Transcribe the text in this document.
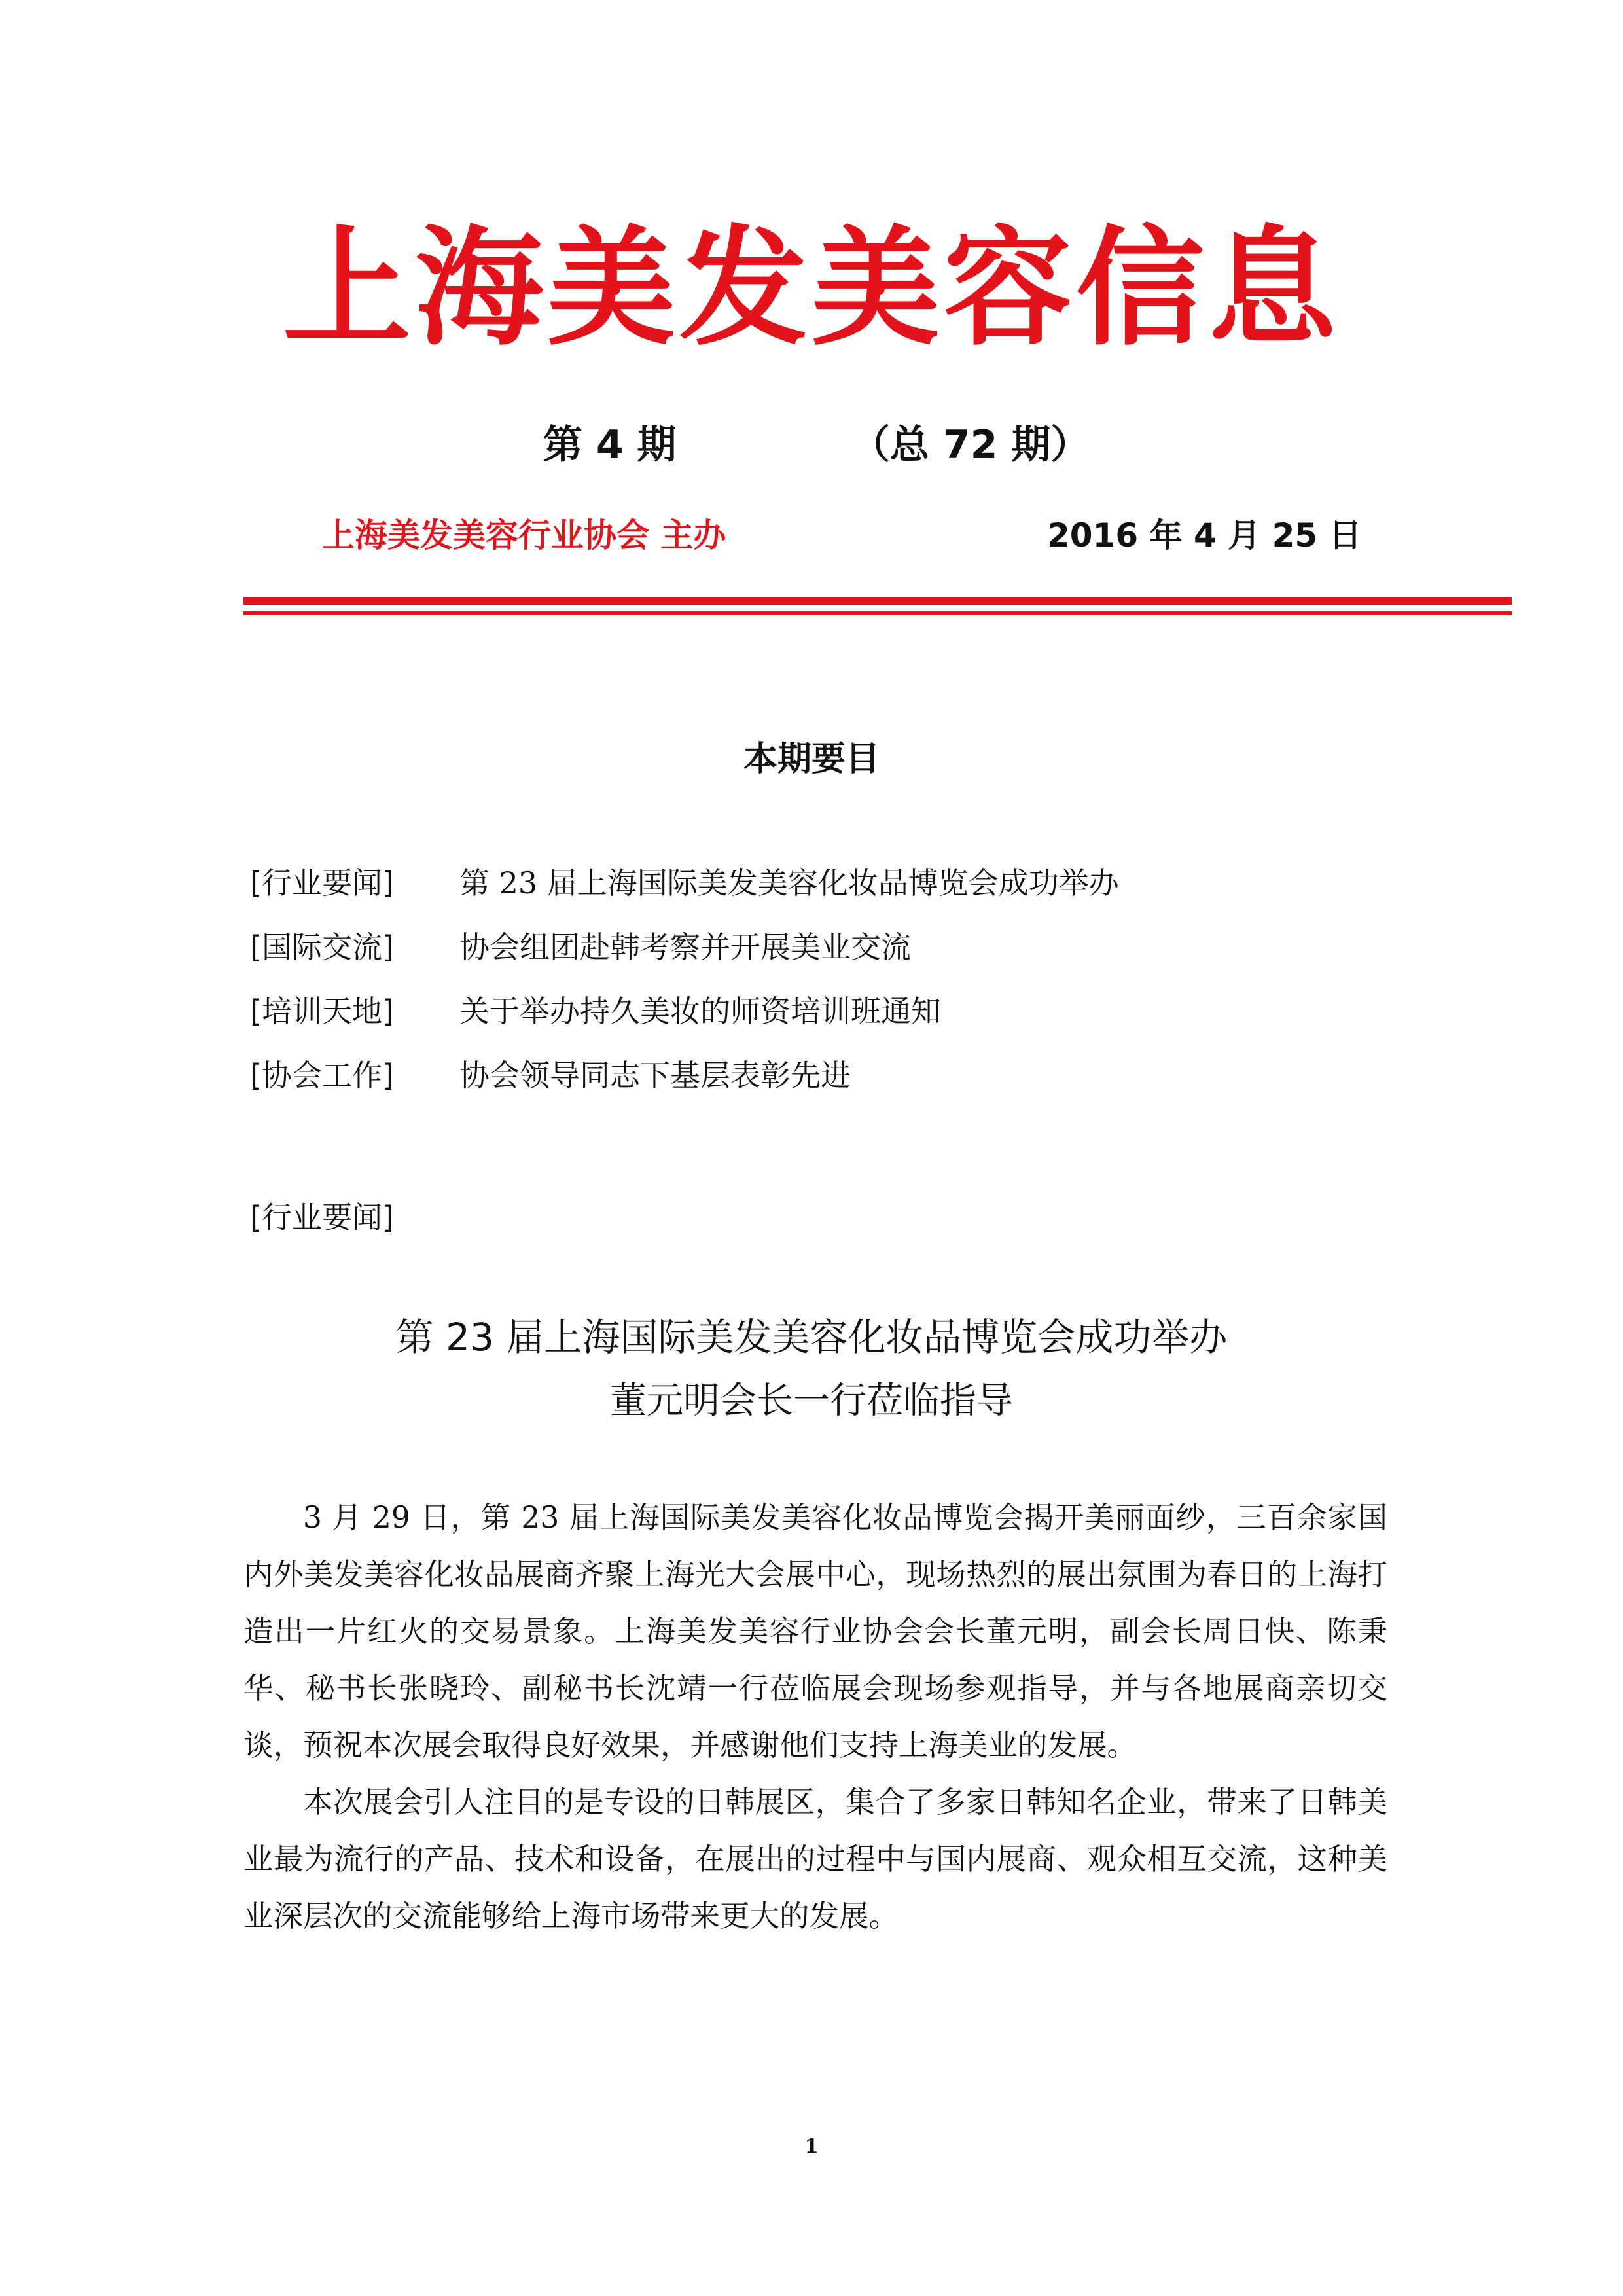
上海美发美容信息
第 4 期	（总 72 期）
上海美发美容行业协会 主办	2016 年 4 月 25 日
本期要目
[行业要闻] 第 23 届上海国际美发美容化妆品博览会成功举办
[国际交流] 协会组团赴韩考察并开展美业交流
[培训天地] 关于举办持久美妆的师资培训班通知
[协会工作] 协会领导同志下基层表彰先进
[行业要闻]
第 23 届上海国际美发美容化妆品博览会成功举办
董元明会长一行莅临指导

3 月 29 日，第 23 届上海国际美发美容化妆品博览会揭开美丽面纱，三百余家国内外美发美容化妆品展商齐聚上海光大会展中心，现场热烈的展出氛围为春日的上海打造出一片红火的交易景象。上海美发美容行业协会会长董元明，副会长周日快、陈秉华、秘书长张晓玲、副秘书长沈靖一行莅临展会现场参观指导，并与各地展商亲切交谈，预祝本次展会取得良好效果，并感谢他们支持上海美业的发展。

本次展会引人注目的是专设的日韩展区，集合了多家日韩知名企业，带来了日韩美业最为流行的产品、技术和设备，在展出的过程中与国内展商、观众相互交流，这种美业深层次的交流能够给上海市场带来更大的发展。

1
